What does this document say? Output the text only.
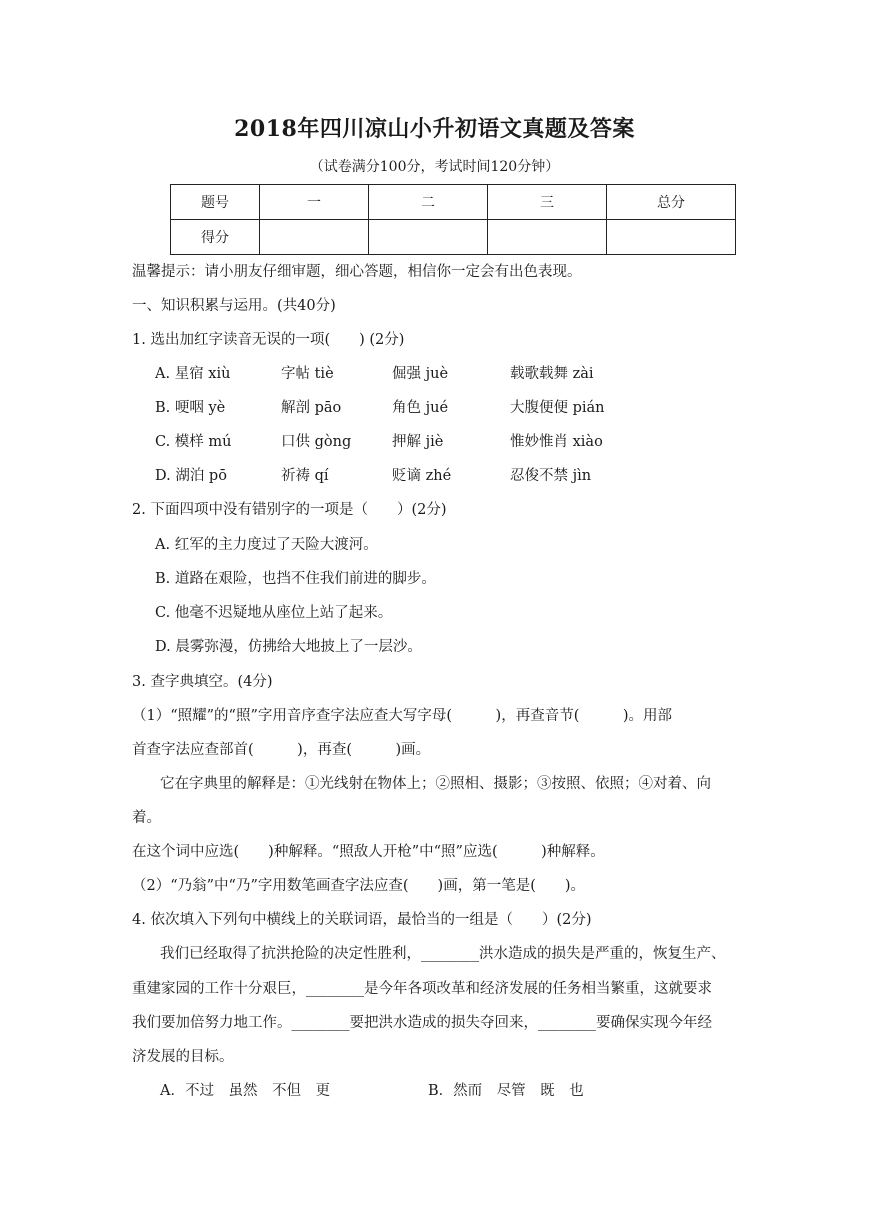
2018年四川凉山小升初语文真题及答案
（试卷满分100分，考试时间120分钟）
题号	一	二	三	总分
得分				
温馨提示：请小朋友仔细审题，细心答题，相信你一定会有出色表现。
一、知识积累与运用。(共40分)
1. 选出加红字读音无误的一项(　　) (2分)
A. 星宿 xiù	字帖 tiè	倔强 juè	载歌载舞 zài
B. 哽咽 yè	解剖 pāo	角色 jué	大腹便便 pián
C. 模样 mú	口供 gòng	押解 jiè	惟妙惟肖 xiào
D. 湖泊 pō	祈祷 qí	贬谪 zhé	忍俊不禁 jìn
2. 下面四项中没有错别字的一项是（　　）(2分)
A. 红军的主力度过了天险大渡河。
B. 道路在艰险，也挡不住我们前进的脚步。
C. 他毫不迟疑地从座位上站了起来。
D. 晨雾弥漫，仿拂给大地披上了一层沙。
3. 查字典填空。(4分)
（1）“照耀”的“照”字用音序查字法应查大写字母(　　　)，再查音节(　　　)。用部
首查字法应查部首(　　　)，再查(　　　)画。
它在字典里的解释是：①光线射在物体上；②照相、摄影；③按照、依照；④对着、向
着。
在这个词中应选(　　)种解释。“照敌人开枪”中“照”应选(　　　)种解释。
（2）“乃翁”中“乃”字用数笔画查字法应查(　　)画，第一笔是(　　)。
4. 依次填入下列句中横线上的关联词语，最恰当的一组是（　　）(2分)
我们已经取得了抗洪抢险的决定性胜利，________洪水造成的损失是严重的，恢复生产、
重建家园的工作十分艰巨，________是今年各项改革和经济发展的任务相当繁重，这就要求
我们要加倍努力地工作。________要把洪水造成的损失夺回来，________要确保实现今年经
济发展的目标。
A．不过　虽然　不但　更	B．然而　尽管　既　也
